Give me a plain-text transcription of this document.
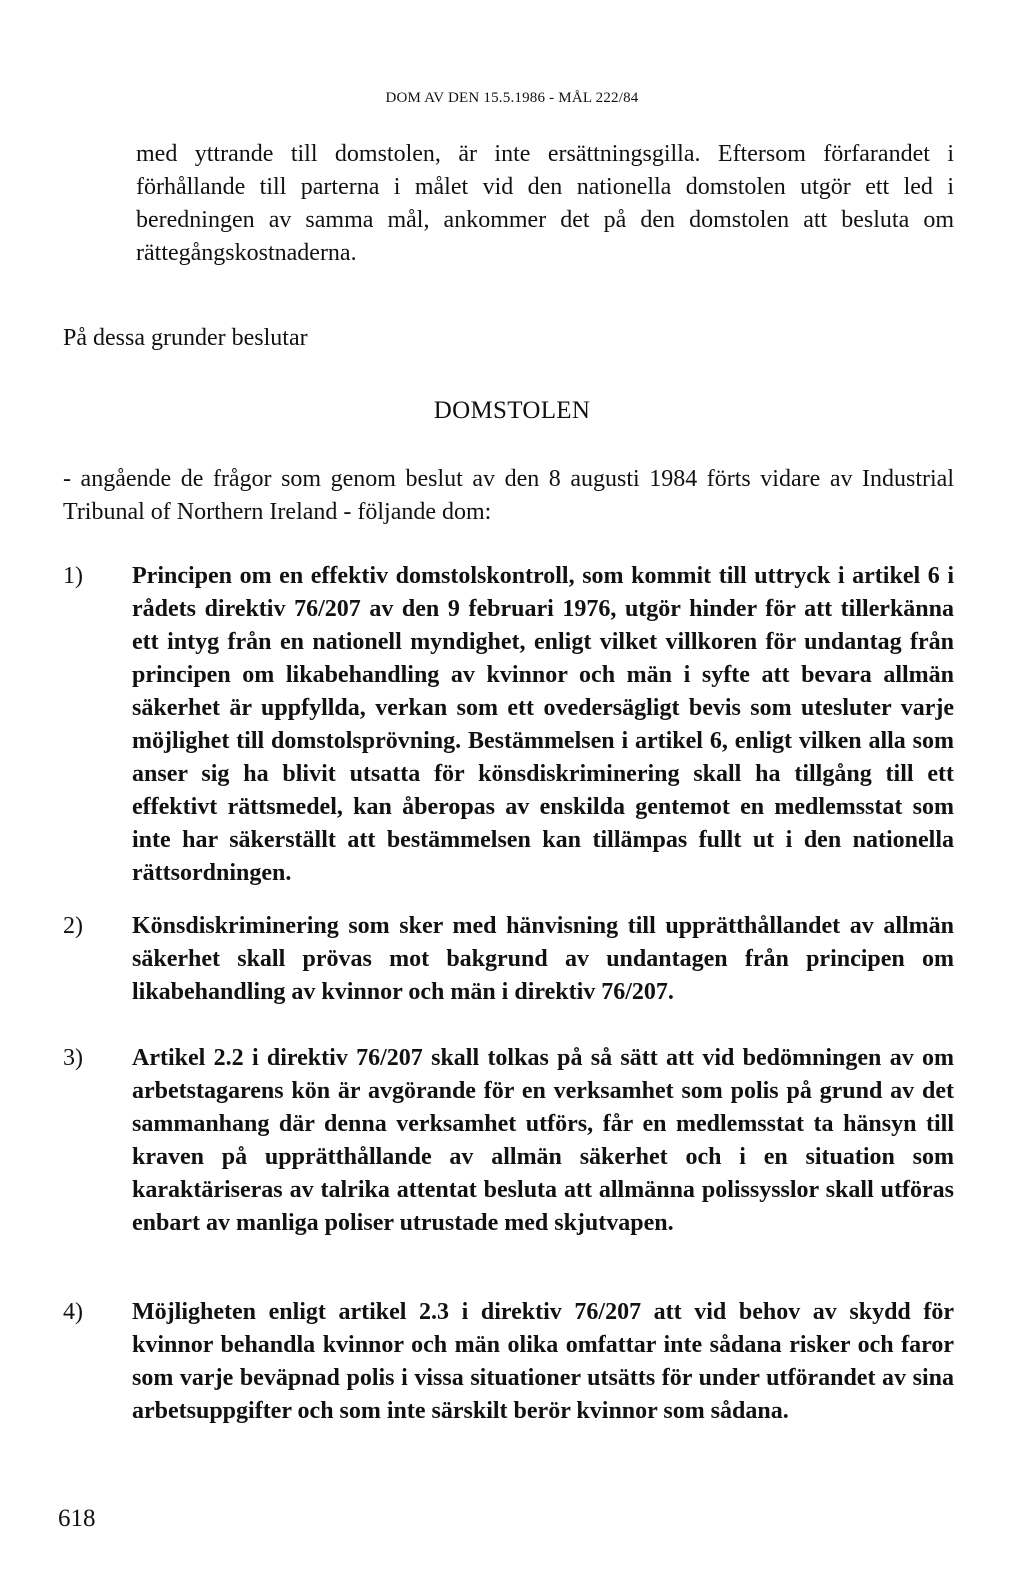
DOM AV DEN 15.5.1986 - MÅL 222/84
med yttrande till domstolen, är inte ersättningsgilla. Eftersom förfarandet i förhållande till parterna i målet vid den nationella domstolen utgör ett led i beredningen av samma mål, ankommer det på den domstolen att besluta om rättegångskostnaderna.
På dessa grunder beslutar
DOMSTOLEN
- angående de frågor som genom beslut av den 8 augusti 1984 förts vidare av Industrial Tribunal of Northern Ireland - följande dom:
1) Principen om en effektiv domstolskontroll, som kommit till uttryck i artikel 6 i rådets direktiv 76/207 av den 9 februari 1976, utgör hinder för att tillerkänna ett intyg från en nationell myndighet, enligt vilket villkoren för undantag från principen om likabehandling av kvinnor och män i syfte att bevara allmän säkerhet är uppfyllda, verkan som ett ovedersägligt bevis som utesluter varje möjlighet till domstolsprövning. Bestämmelsen i artikel 6, enligt vilken alla som anser sig ha blivit utsatta för könsdiskriminering skall ha tillgång till ett effektivt rättsmedel, kan åberopas av enskilda gentemot en medlemsstat som inte har säkerställt att bestämmelsen kan tillämpas fullt ut i den nationella rättsordningen.
2) Könsdiskriminering som sker med hänvisning till upprätthållandet av allmän säkerhet skall prövas mot bakgrund av undantagen från principen om likabehandling av kvinnor och män i direktiv 76/207.
3) Artikel 2.2 i direktiv 76/207 skall tolkas på så sätt att vid bedömningen av om arbetstagarens kön är avgörande för en verksamhet som polis på grund av det sammanhang där denna verksamhet utförs, får en medlemsstat ta hänsyn till kraven på upprätthållande av allmän säkerhet och i en situation som karaktäriseras av talrika attentat besluta att allmänna polissysslor skall utföras enbart av manliga poliser utrustade med skjutvapen.
4) Möjligheten enligt artikel 2.3 i direktiv 76/207 att vid behov av skydd för kvinnor behandla kvinnor och män olika omfattar inte sådana risker och faror som varje beväpnad polis i vissa situationer utsätts för under utförandet av sina arbetsuppgifter och som inte särskilt berör kvinnor som sådana.
618
